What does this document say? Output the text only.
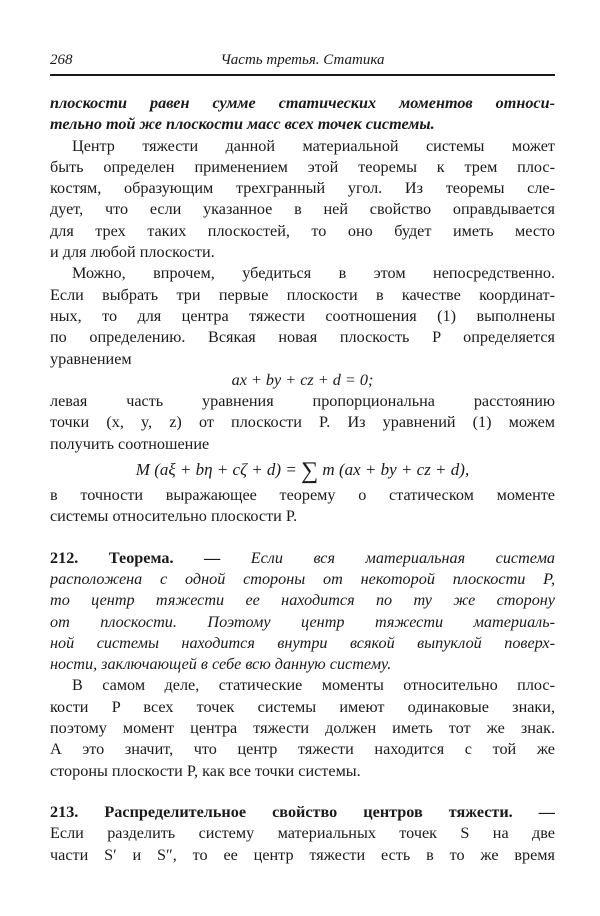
268	Часть третья. Статика
плоскости равен сумме статических моментов относи-
тельно той же плоскости масс всех точек системы.
Центр тяжести данной материальной системы может
быть определен применением этой теоремы к трем плос-
костям, образующим трехгранный угол. Из теоремы сле-
дует, что если указанное в ней свойство оправдывается
для трех таких плоскостей, то оно будет иметь место
и для любой плоскости.
Можно, впрочем, убедиться в этом непосредственно.
Если выбрать три первые плоскости в качестве координат-
ных, то для центра тяжести соотношения (1) выполнены
по определению. Всякая новая плоскость P определяется
уравнением
ax + by + cz + d = 0;
левая часть уравнения пропорциональна расстоянию
точки (x, y, z) от плоскости P. Из уравнений (1) можем
получить соотношение
M (aξ + bη + cζ + d) = ∑ m (ax + by + cz + d),
в точности выражающее теорему о статическом моменте
системы относительно плоскости P.
212. Теорема. — Если вся материальная система
расположена с одной стороны от некоторой плоскости P,
то центр тяжести ее находится по ту же сторону
от плоскости. Поэтому центр тяжести материаль-
ной системы находится внутри всякой выпуклой поверх-
ности, заключающей в себе всю данную систему.
В самом деле, статические моменты относительно плос-
кости P всех точек системы имеют одинаковые знаки,
поэтому момент центра тяжести должен иметь тот же знак.
А это значит, что центр тяжести находится с той же
стороны плоскости P, как все точки системы.
213. Распределительное свойство центров тяжести. —
Если разделить систему материальных точек S на две
части S′ и S″, то ее центр тяжести есть в то же время
